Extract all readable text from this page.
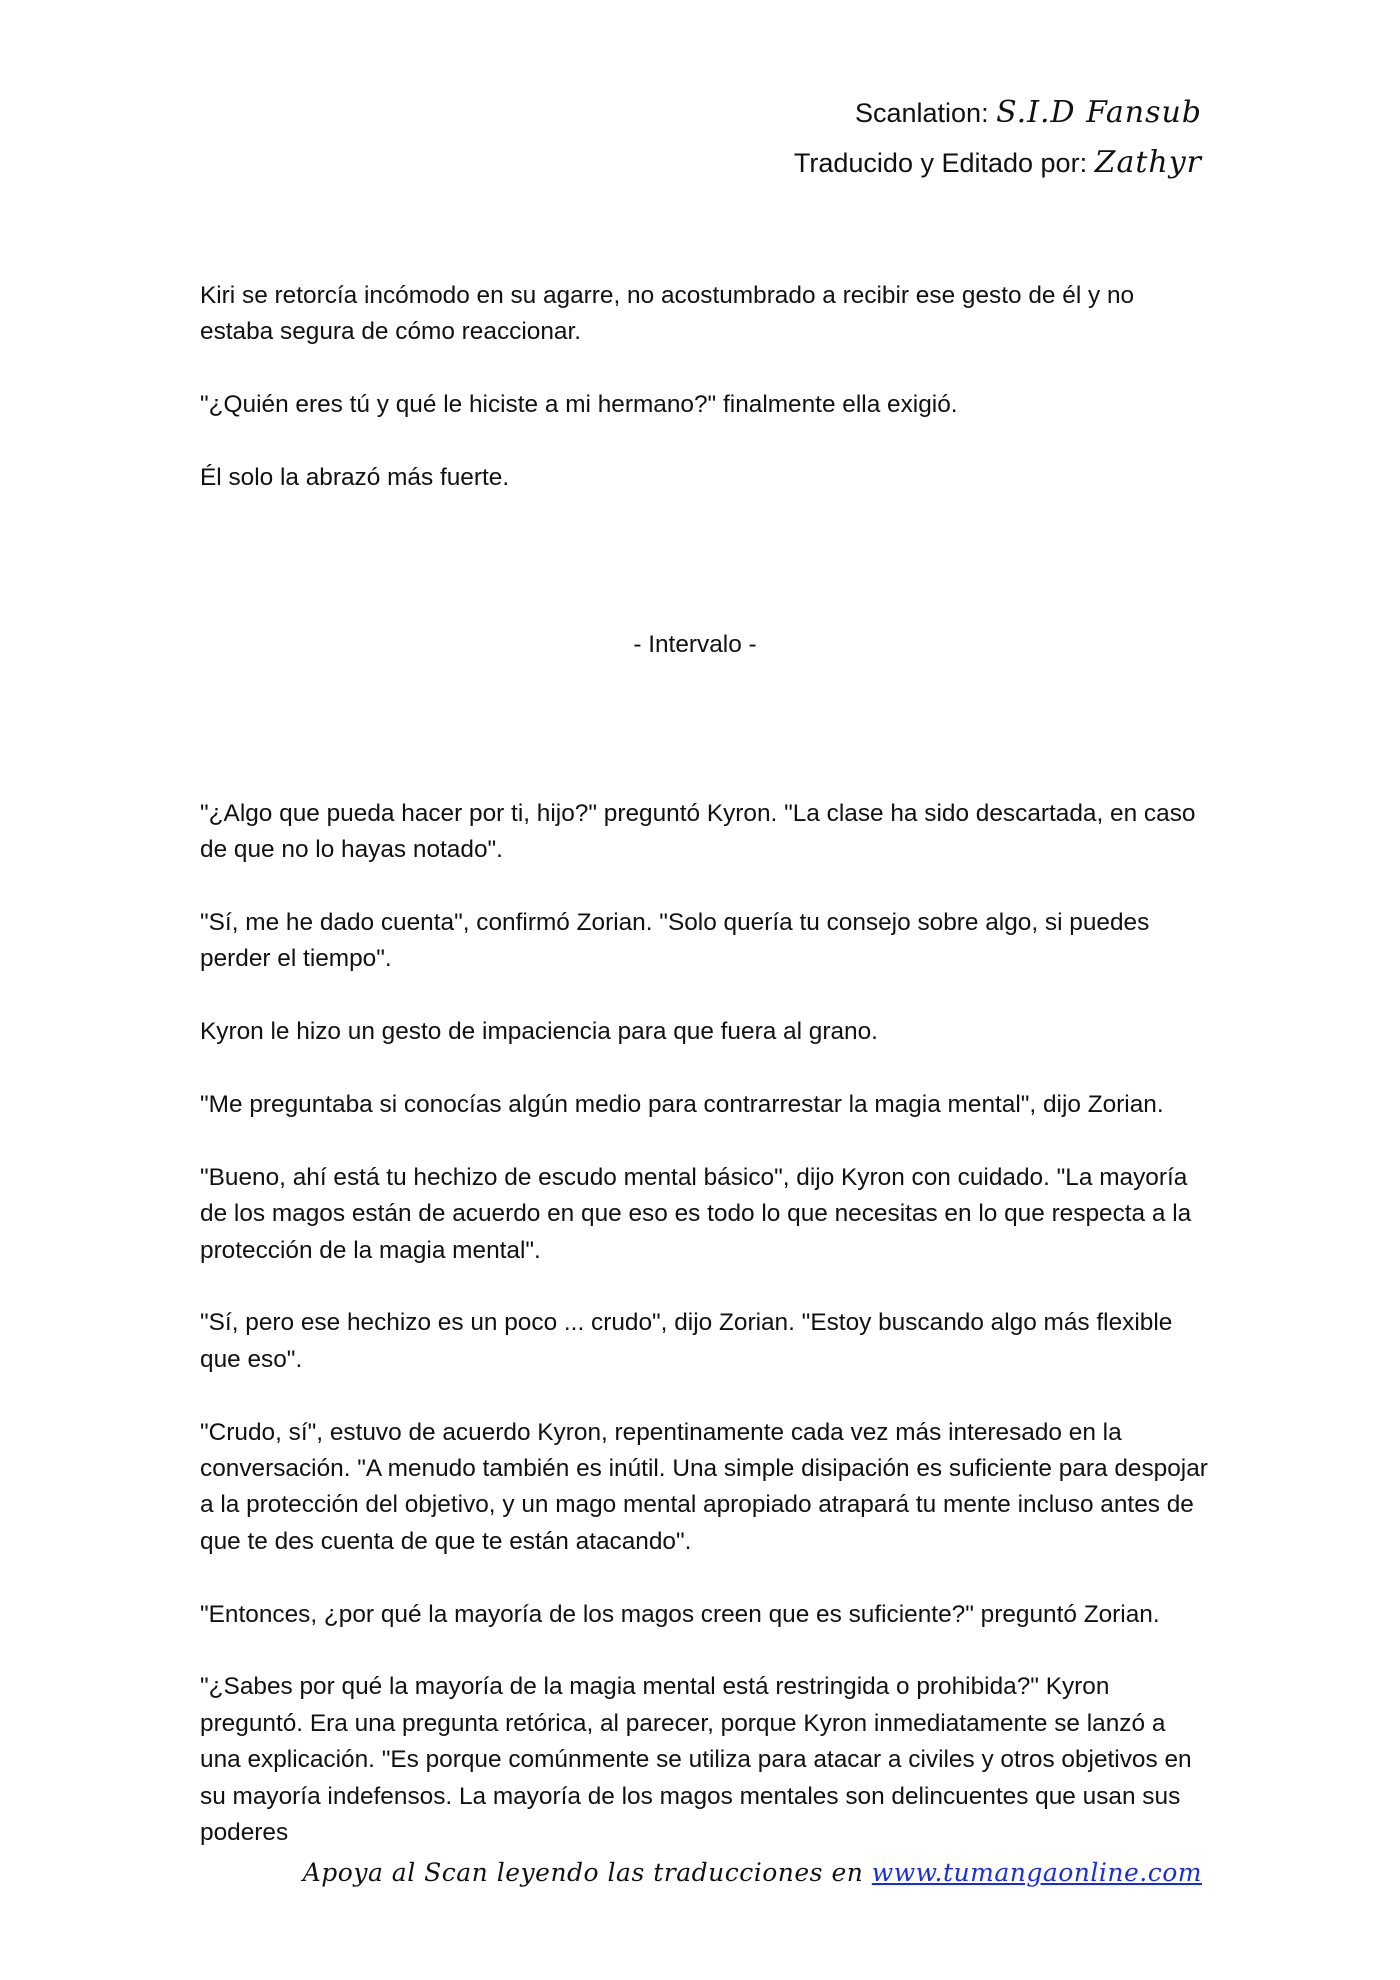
Scanlation: S.I.D Fansub
Traducido y Editado por: Zathyr

Kiri se retorcía incómodo en su agarre, no acostumbrado a recibir ese gesto de él y no estaba segura de cómo reaccionar.

"¿Quién eres tú y qué le hiciste a mi hermano?" finalmente ella exigió.

Él solo la abrazó más fuerte.

- Intervalo -

"¿Algo que pueda hacer por ti, hijo?" preguntó Kyron. "La clase ha sido descartada, en caso de que no lo hayas notado".

"Sí, me he dado cuenta", confirmó Zorian. "Solo quería tu consejo sobre algo, si puedes perder el tiempo".

Kyron le hizo un gesto de impaciencia para que fuera al grano.

"Me preguntaba si conocías algún medio para contrarrestar la magia mental", dijo Zorian.

"Bueno, ahí está tu hechizo de escudo mental básico", dijo Kyron con cuidado. "La mayoría de los magos están de acuerdo en que eso es todo lo que necesitas en lo que respecta a la protección de la magia mental".

"Sí, pero ese hechizo es un poco ... crudo", dijo Zorian. "Estoy buscando algo más flexible que eso".

"Crudo, sí", estuvo de acuerdo Kyron, repentinamente cada vez más interesado en la conversación. "A menudo también es inútil. Una simple disipación es suficiente para despojar a la protección del objetivo, y un mago mental apropiado atrapará tu mente incluso antes de que te des cuenta de que te están atacando".

"Entonces, ¿por qué la mayoría de los magos creen que es suficiente?" preguntó Zorian.

"¿Sabes por qué la mayoría de la magia mental está restringida o prohibida?" Kyron preguntó. Era una pregunta retórica, al parecer, porque Kyron inmediatamente se lanzó a una explicación. "Es porque comúnmente se utiliza para atacar a civiles y otros objetivos en su mayoría indefensos. La mayoría de los magos mentales son delincuentes que usan sus poderes

Apoya al Scan leyendo las traducciones en www.tumangaonline.com
